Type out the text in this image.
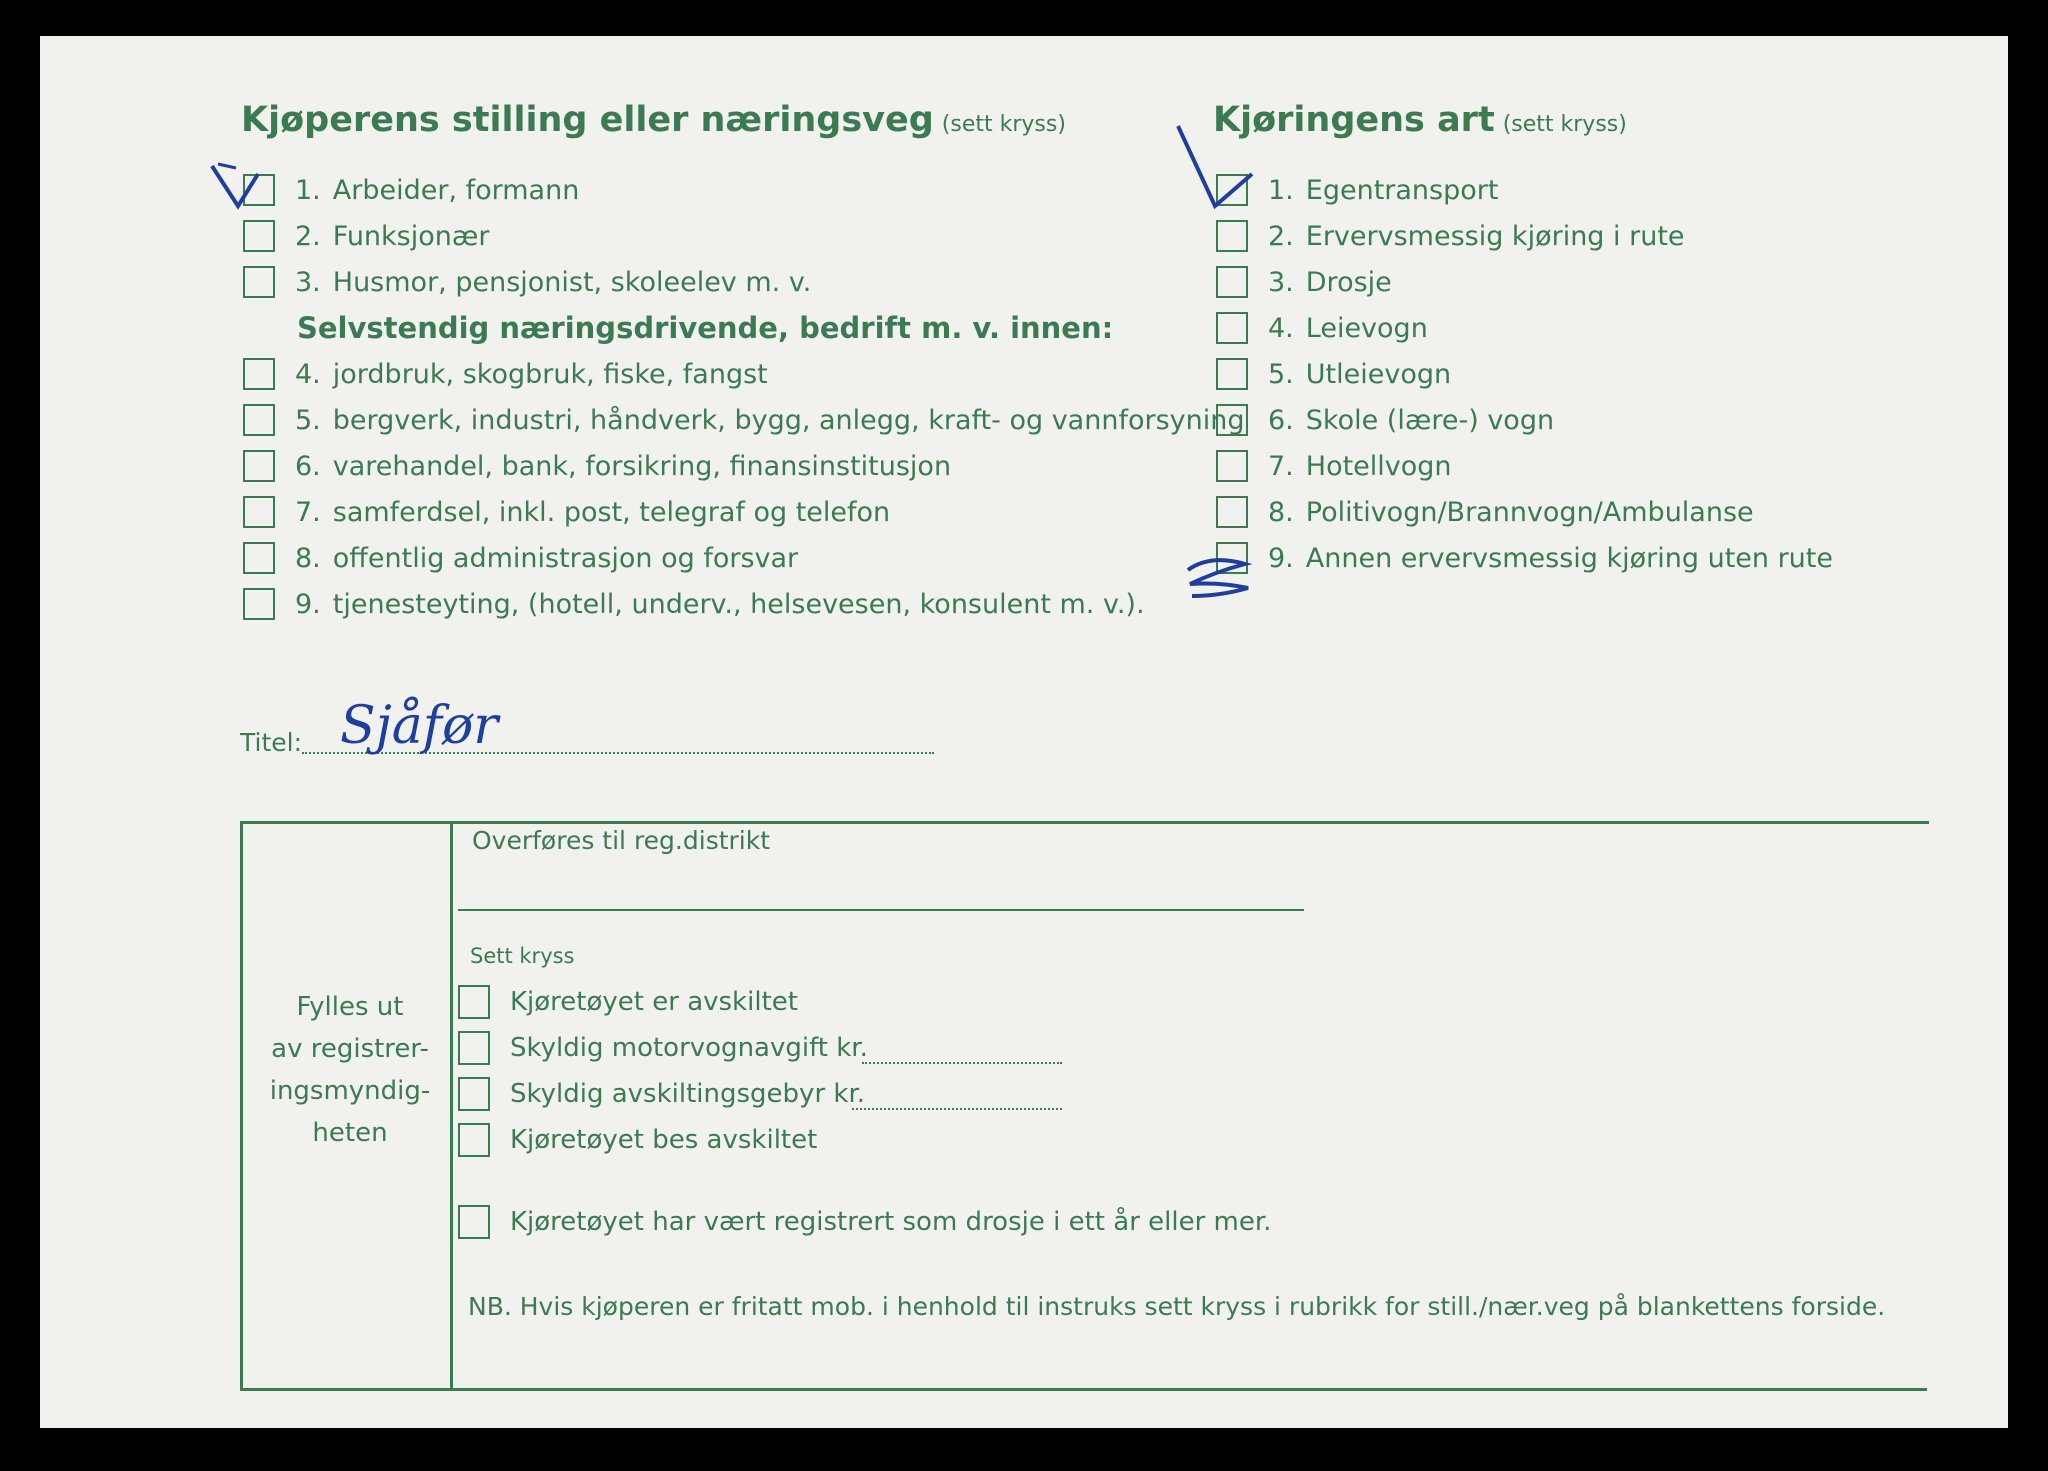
Kjøperens stilling eller næringsveg (sett kryss)
1. Arbeider, formann
2. Funksjonær
3. Husmor, pensjonist, skoleelev m. v.
Selvstendig næringsdrivende, bedrift m. v. innen:
4. jordbruk, skogbruk, fiske, fangst
5. bergverk, industri, håndverk, bygg, anlegg, kraft- og vannforsyning
6. varehandel, bank, forsikring, finansinstitusjon
7. samferdsel, inkl. post, telegraf og telefon
8. offentlig administrasjon og forsvar
9. tjenesteyting, (hotell, underv., helsevesen, konsulent m. v.).
Kjøringens art (sett kryss)
1. Egentransport
2. Ervervsmessig kjøring i rute
3. Drosje
4. Leievogn
5. Utleievogn
6. Skole (lære-) vogn
7. Hotellvogn
8. Politivogn/Brannvogn/Ambulanse
9. Annen ervervsmessig kjøring uten rute
Titel: Sjåfør
Fylles ut
av registrer-
ingsmyndig-
heten
Overføres til reg.distrikt
Sett kryss
Kjøretøyet er avskiltet
Skyldig motorvognavgift kr.
Skyldig avskiltingsgebyr kr.
Kjøretøyet bes avskiltet
Kjøretøyet har vært registrert som drosje i ett år eller mer.
NB. Hvis kjøperen er fritatt mob. i henhold til instruks sett kryss i rubrikk for still./nær.veg på blankettens forside.
